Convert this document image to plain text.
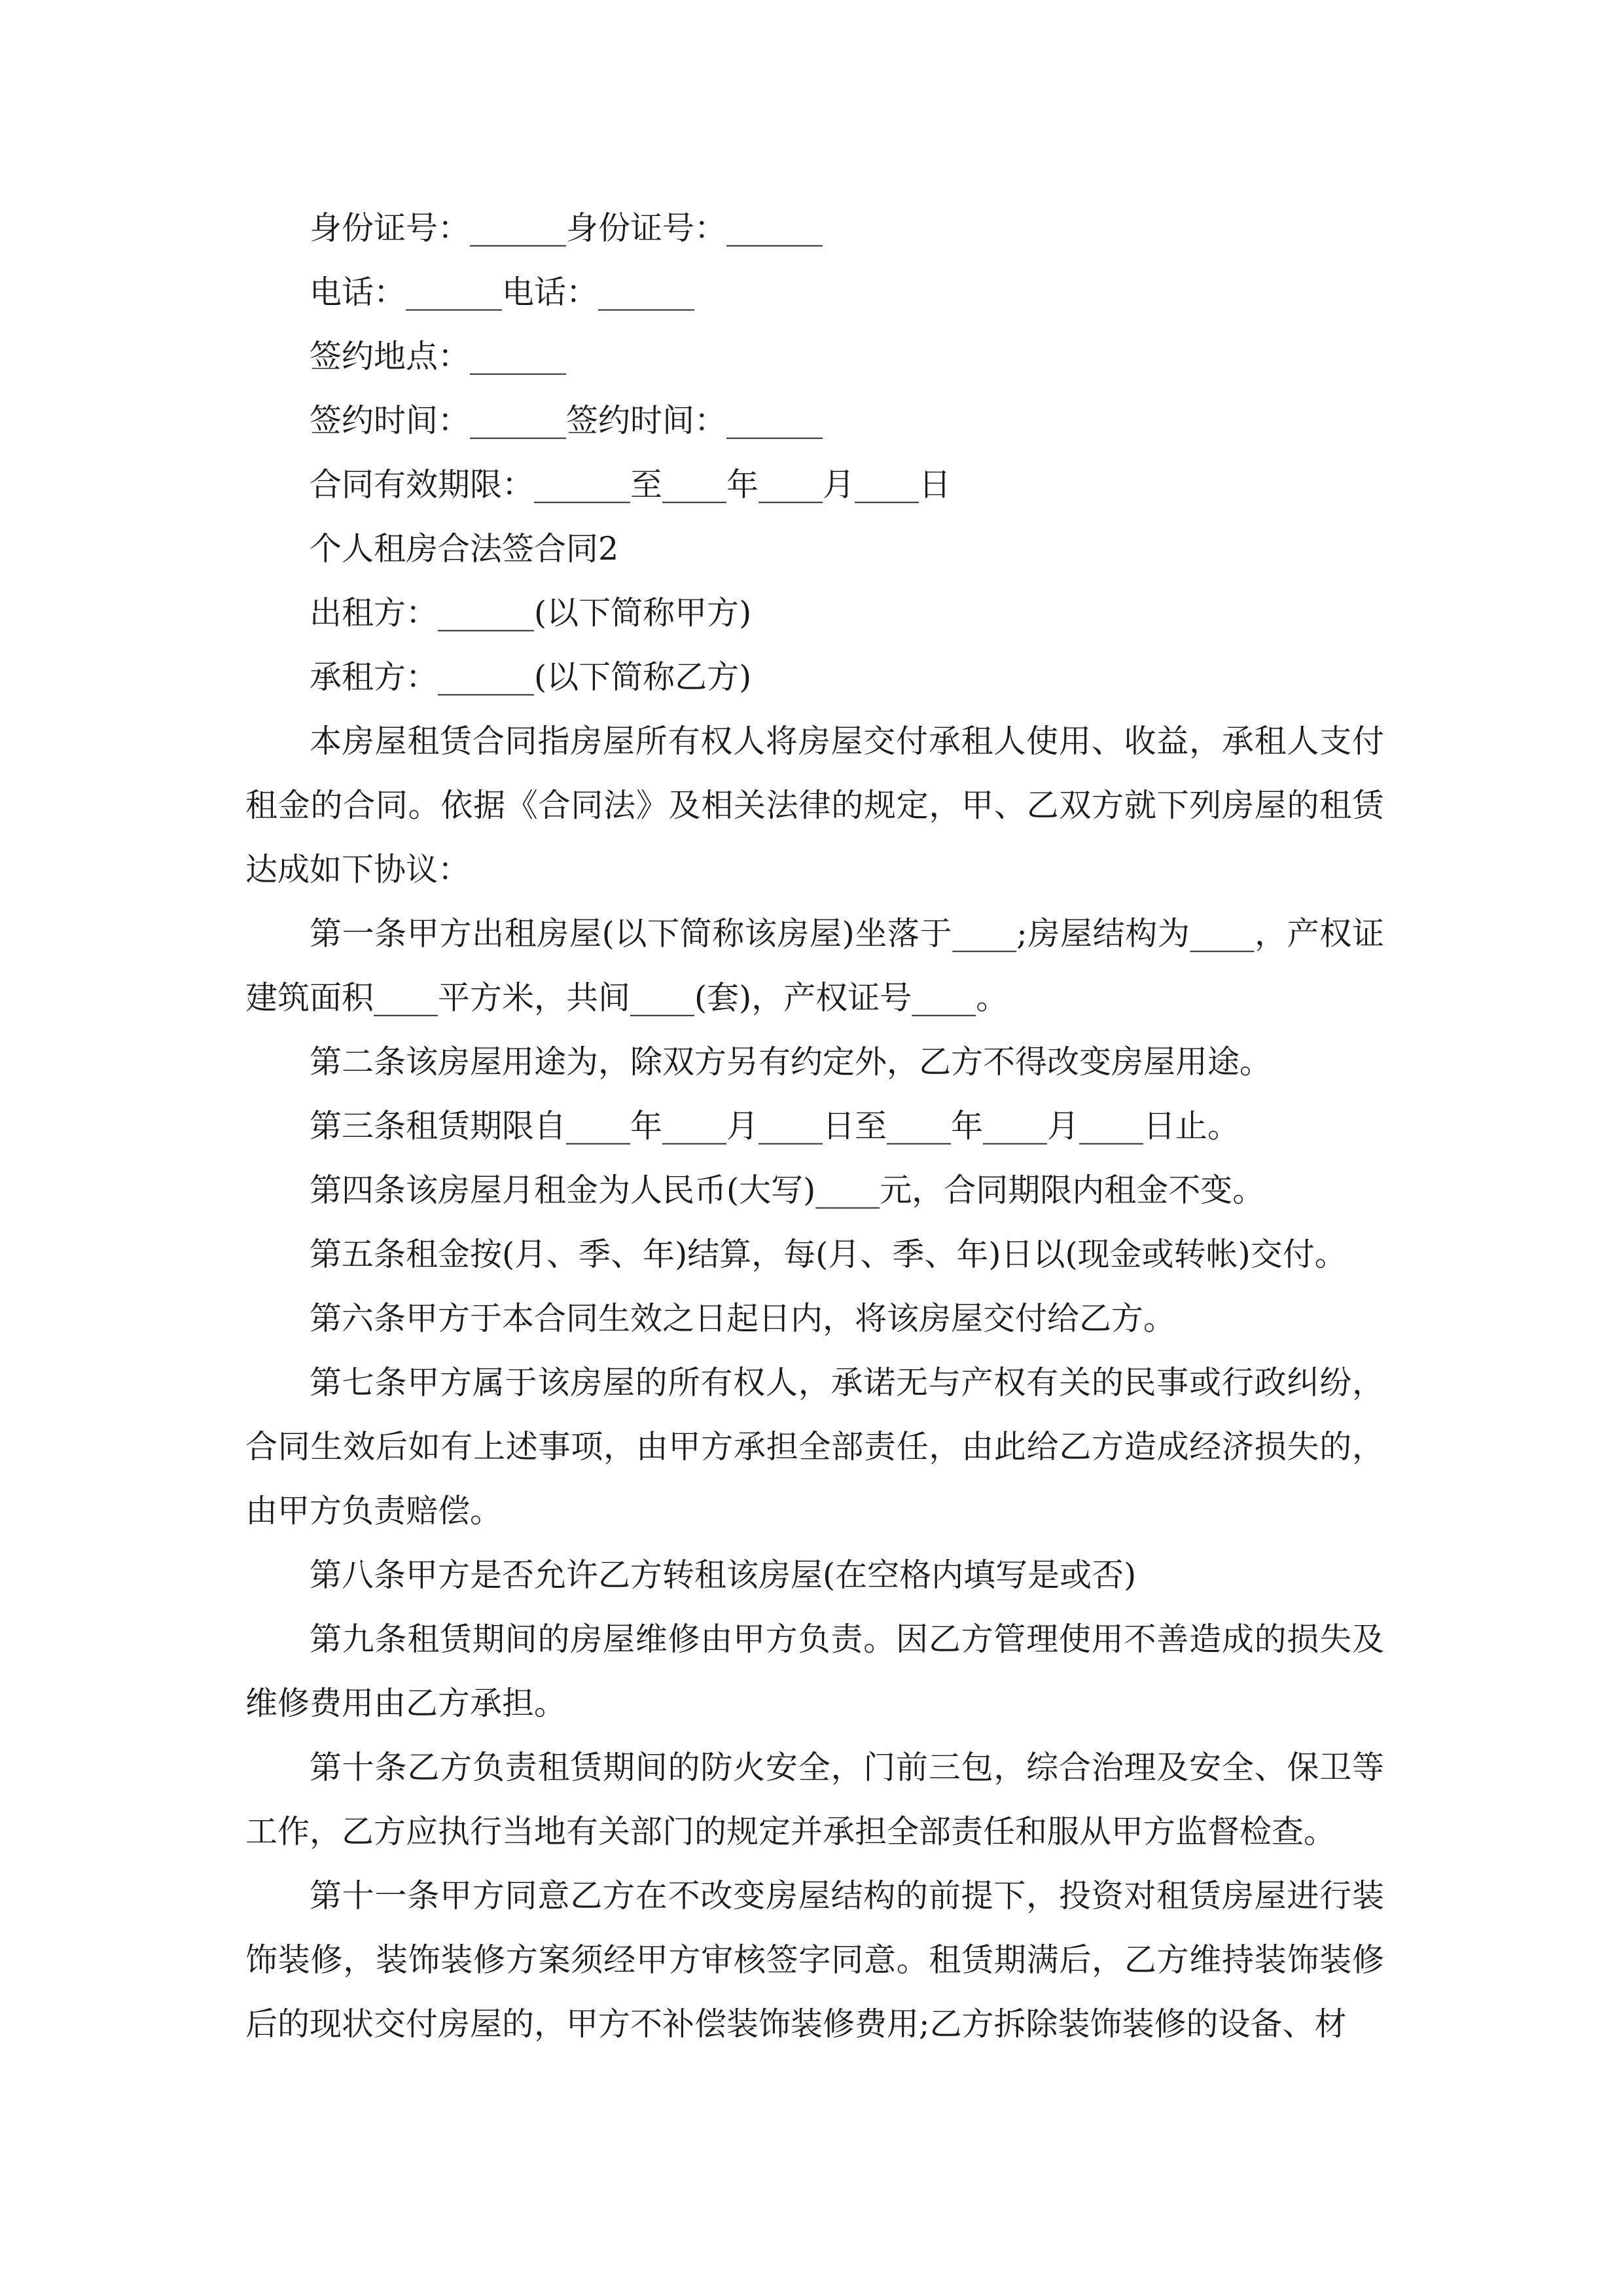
身份证号：______身份证号：______

电话：______电话：______

签约地点：______

签约时间：______签约时间：______

合同有效期限：______至____年____月____日

个人租房合法签合同2

出租方：______(以下简称甲方)

承租方：______(以下简称乙方)

本房屋租赁合同指房屋所有权人将房屋交付承租人使用、收益，承租人支付租金的合同。依据《合同法》及相关法律的规定，甲、乙双方就下列房屋的租赁达成如下协议：

第一条甲方出租房屋(以下简称该房屋)坐落于____;房屋结构为____，产权证建筑面积____平方米，共间____(套)，产权证号____。

第二条该房屋用途为，除双方另有约定外，乙方不得改变房屋用途。

第三条租赁期限自____年____月____日至____年____月____日止。

第四条该房屋月租金为人民币(大写)____元，合同期限内租金不变。

第五条租金按(月、季、年)结算，每(月、季、年)日以(现金或转帐)交付。

第六条甲方于本合同生效之日起日内，将该房屋交付给乙方。

第七条甲方属于该房屋的所有权人，承诺无与产权有关的民事或行政纠纷，合同生效后如有上述事项，由甲方承担全部责任，由此给乙方造成经济损失的，由甲方负责赔偿。

第八条甲方是否允许乙方转租该房屋(在空格内填写是或否)

第九条租赁期间的房屋维修由甲方负责。因乙方管理使用不善造成的损失及维修费用由乙方承担。

第十条乙方负责租赁期间的防火安全，门前三包，综合治理及安全、保卫等工作，乙方应执行当地有关部门的规定并承担全部责任和服从甲方监督检查。

第十一条甲方同意乙方在不改变房屋结构的前提下，投资对租赁房屋进行装饰装修，装饰装修方案须经甲方审核签字同意。租赁期满后，乙方维持装饰装修后的现状交付房屋的，甲方不补偿装饰装修费用;乙方拆除装饰装修的设备、材
